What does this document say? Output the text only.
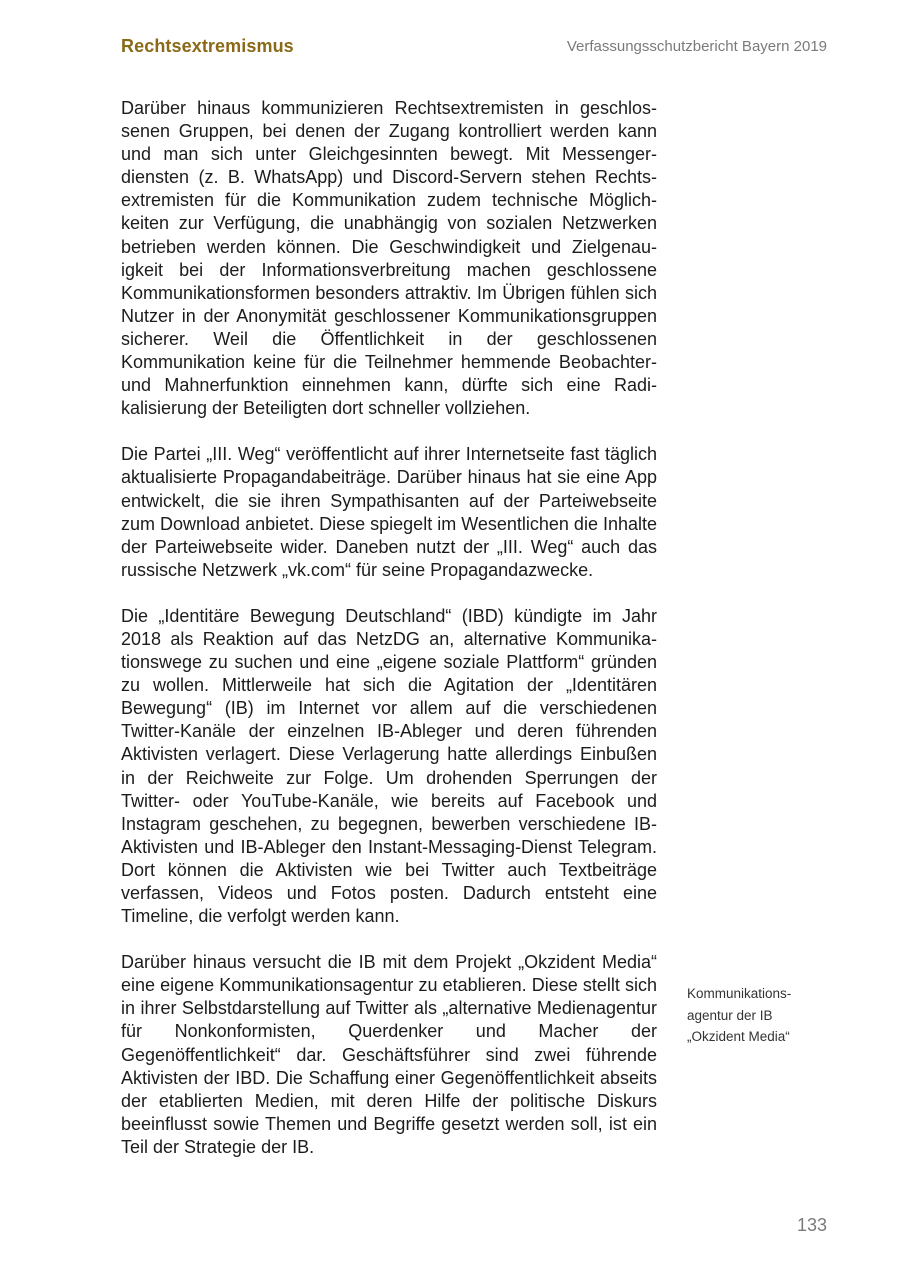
Rechtsextremismus	Verfassungsschutzbericht Bayern 2019

Darüber hinaus kommunizieren Rechtsextremisten in geschlossenen Gruppen, bei denen der Zugang kontrolliert werden kann und man sich unter Gleichgesinnten bewegt. Mit Messengerdiensten (z. B. WhatsApp) und Discord-Servern stehen Rechtsextremisten für die Kommunikation zudem technische Möglichkeiten zur Verfügung, die unabhängig von sozialen Netzwerken betrieben werden können. Die Geschwindigkeit und Zielgenauigkeit bei der Informationsverbreitung machen geschlossene Kommunikationsformen besonders attraktiv. Im Übrigen fühlen sich Nutzer in der Anonymität geschlossener Kommunikationsgruppen sicherer. Weil die Öffentlichkeit in der geschlossenen Kommunikation keine für die Teilnehmer hemmende Beobachter- und Mahnerfunktion einnehmen kann, dürfte sich eine Radikalisierung der Beteiligten dort schneller vollziehen.

Die Partei „III. Weg“ veröffentlicht auf ihrer Internetseite fast täglich aktualisierte Propagandabeiträge. Darüber hinaus hat sie eine App entwickelt, die sie ihren Sympathisanten auf der Parteiwebseite zum Download anbietet. Diese spiegelt im Wesentlichen die Inhalte der Parteiwebseite wider. Daneben nutzt der „III. Weg“ auch das russische Netzwerk „vk.com“ für seine Propagandazwecke.

Die „Identitäre Bewegung Deutschland“ (IBD) kündigte im Jahr 2018 als Reaktion auf das NetzDG an, alternative Kommunikationswege zu suchen und eine „eigene soziale Plattform“ gründen zu wollen. Mittlerweile hat sich die Agitation der „Identitären Bewegung“ (IB) im Internet vor allem auf die verschiedenen Twitter-Kanäle der einzelnen IB-Ableger und deren führenden Aktivisten verlagert. Diese Verlagerung hatte allerdings Einbußen in der Reichweite zur Folge. Um drohenden Sperrungen der Twitter- oder YouTube-Kanäle, wie bereits auf Facebook und Instagram geschehen, zu begegnen, bewerben verschiedene IB-Aktivisten und IB-Ableger den Instant-Messaging-Dienst Telegram. Dort können die Aktivisten wie bei Twitter auch Textbeiträge verfassen, Videos und Fotos posten. Dadurch entsteht eine Timeline, die verfolgt werden kann.

Darüber hinaus versucht die IB mit dem Projekt „Okzident Media“ eine eigene Kommunikationsagentur zu etablieren. Diese stellt sich in ihrer Selbstdarstellung auf Twitter als „alternative Medienagentur für Nonkonformisten, Querdenker und Macher der Gegenöffentlichkeit“ dar. Geschäftsführer sind zwei führende Aktivisten der IBD. Die Schaffung einer Gegenöffentlichkeit abseits der etablierten Medien, mit deren Hilfe der politische Diskurs beeinflusst sowie Themen und Begriffe gesetzt werden soll, ist ein Teil der Strategie der IB.

Kommunikations-
agentur der IB
„Okzident Media“
133
